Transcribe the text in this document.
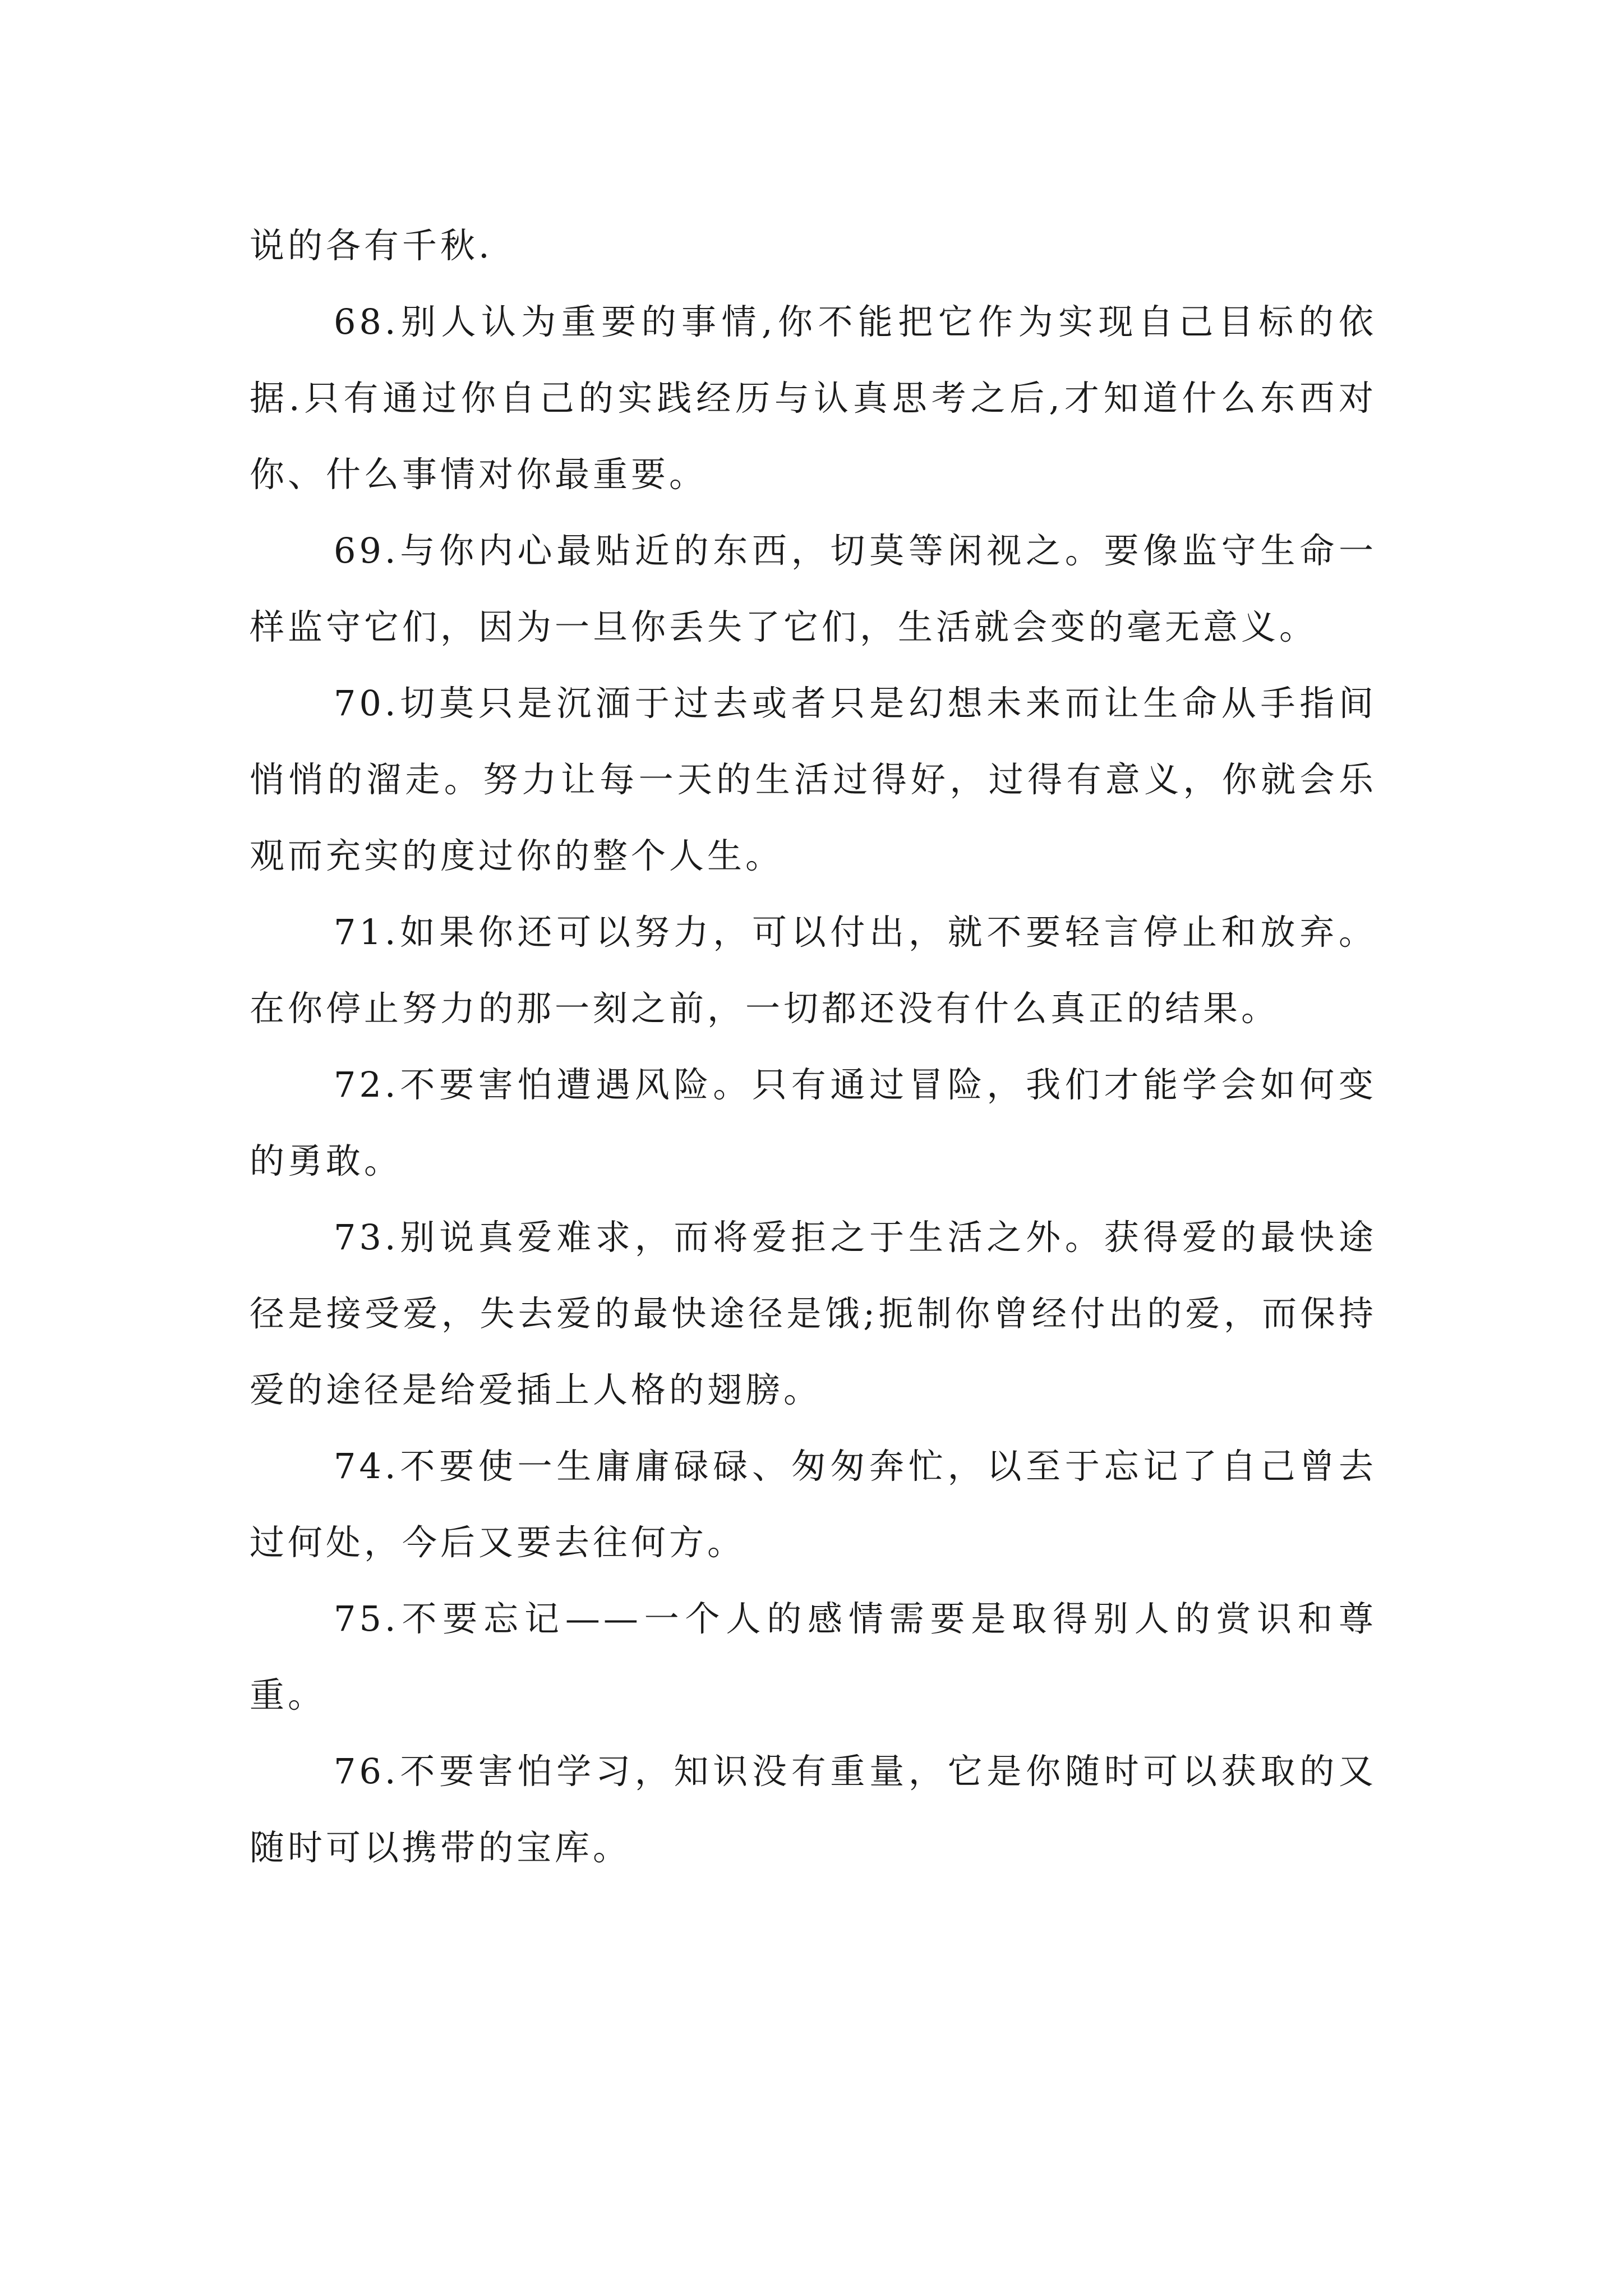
说的各有千秋.

68.别人认为重要的事情,你不能把它作为实现自己目标的依据.只有通过你自己的实践经历与认真思考之后,才知道什么东西对你、什么事情对你最重要。

69.与你内心最贴近的东西，切莫等闲视之。要像监守生命一样监守它们，因为一旦你丢失了它们，生活就会变的毫无意义。

70.切莫只是沉湎于过去或者只是幻想未来而让生命从手指间悄悄的溜走。努力让每一天的生活过得好，过得有意义，你就会乐观而充实的度过你的整个人生。

71.如果你还可以努力，可以付出，就不要轻言停止和放弃。在你停止努力的那一刻之前，一切都还没有什么真正的结果。

72.不要害怕遭遇风险。只有通过冒险，我们才能学会如何变的勇敢。

73.别说真爱难求，而将爱拒之于生活之外。获得爱的最快途径是接受爱，失去爱的最快途径是饿;扼制你曾经付出的爱，而保持爱的途径是给爱插上人格的翅膀。

74.不要使一生庸庸碌碌、匆匆奔忙，以至于忘记了自己曾去过何处，今后又要去往何方。

75.不要忘记——一个人的感情需要是取得别人的赏识和尊重。

76.不要害怕学习，知识没有重量，它是你随时可以获取的又随时可以携带的宝库。
